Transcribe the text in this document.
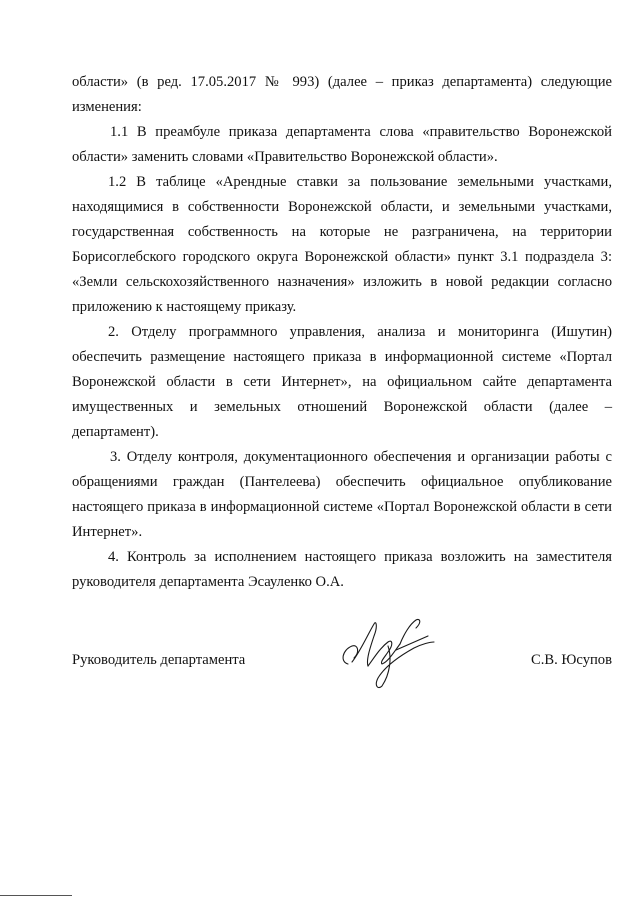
области» (в ред. 17.05.2017 № 993) (далее – приказ департамента) следующие изменения:

1.1 В преамбуле приказа департамента слова «правительство Воронежской области» заменить словами «Правительство Воронежской области».

1.2 В таблице «Арендные ставки за пользование земельными участками, находящимися в собственности Воронежской области, и земельными участками, государственная собственность на которые не разграничена, на территории Борисоглебского городского округа Воронежской области» пункт 3.1 подраздела 3: «Земли сельскохозяйственного назначения» изложить в новой редакции согласно приложению к настоящему приказу.

2. Отделу программного управления, анализа и мониторинга (Ишутин) обеспечить размещение настоящего приказа в информационной системе «Портал Воронежской области в сети Интернет», на официальном сайте департамента имущественных и земельных отношений Воронежской области (далее – департамент).

3. Отделу контроля, документационного обеспечения и организации работы с обращениями граждан (Пантелеева) обеспечить официальное опубликование настоящего приказа в информационной системе «Портал Воронежской области в сети Интернет».

4. Контроль за исполнением настоящего приказа возложить на заместителя руководителя департамента Эсауленко О.А.

Руководитель департамента	С.В. Юсупов
